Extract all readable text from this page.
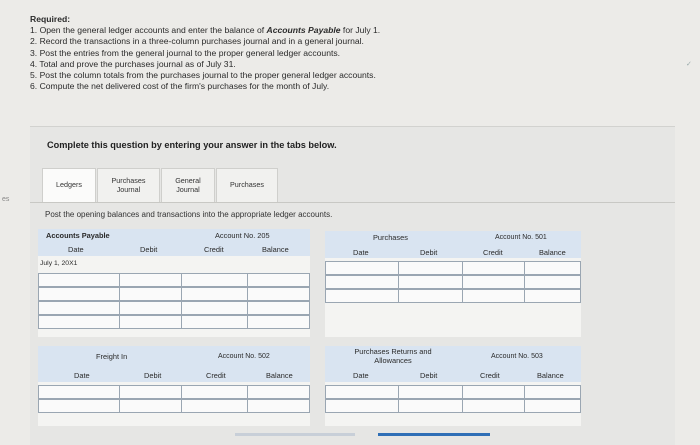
Required:
1. Open the general ledger accounts and enter the balance of Accounts Payable for July 1.
2. Record the transactions in a three-column purchases journal and in a general journal.
3. Post the entries from the general journal to the proper general ledger accounts.
4. Total and prove the purchases journal as of July 31.
5. Post the column totals from the purchases journal to the proper general ledger accounts.
6. Compute the net delivered cost of the firm's purchases for the month of July.
✓
es
Complete this question by entering your answer in the tabs below.
Ledgers	Purchases
Journal
General
Journal	Purchases
Post the opening balances and transactions into the appropriate ledger accounts.
Accounts Payable	Account No. 205
Date	Debit	Credit	Balance
July 1, 20X1
Purchases	Account No. 501
Date	Debit	Credit	Balance
Freight In	Account No. 502
Date	Debit	Credit	Balance
Purchases Returns and Allowances	Account No. 503
Date	Debit	Credit	Balance
